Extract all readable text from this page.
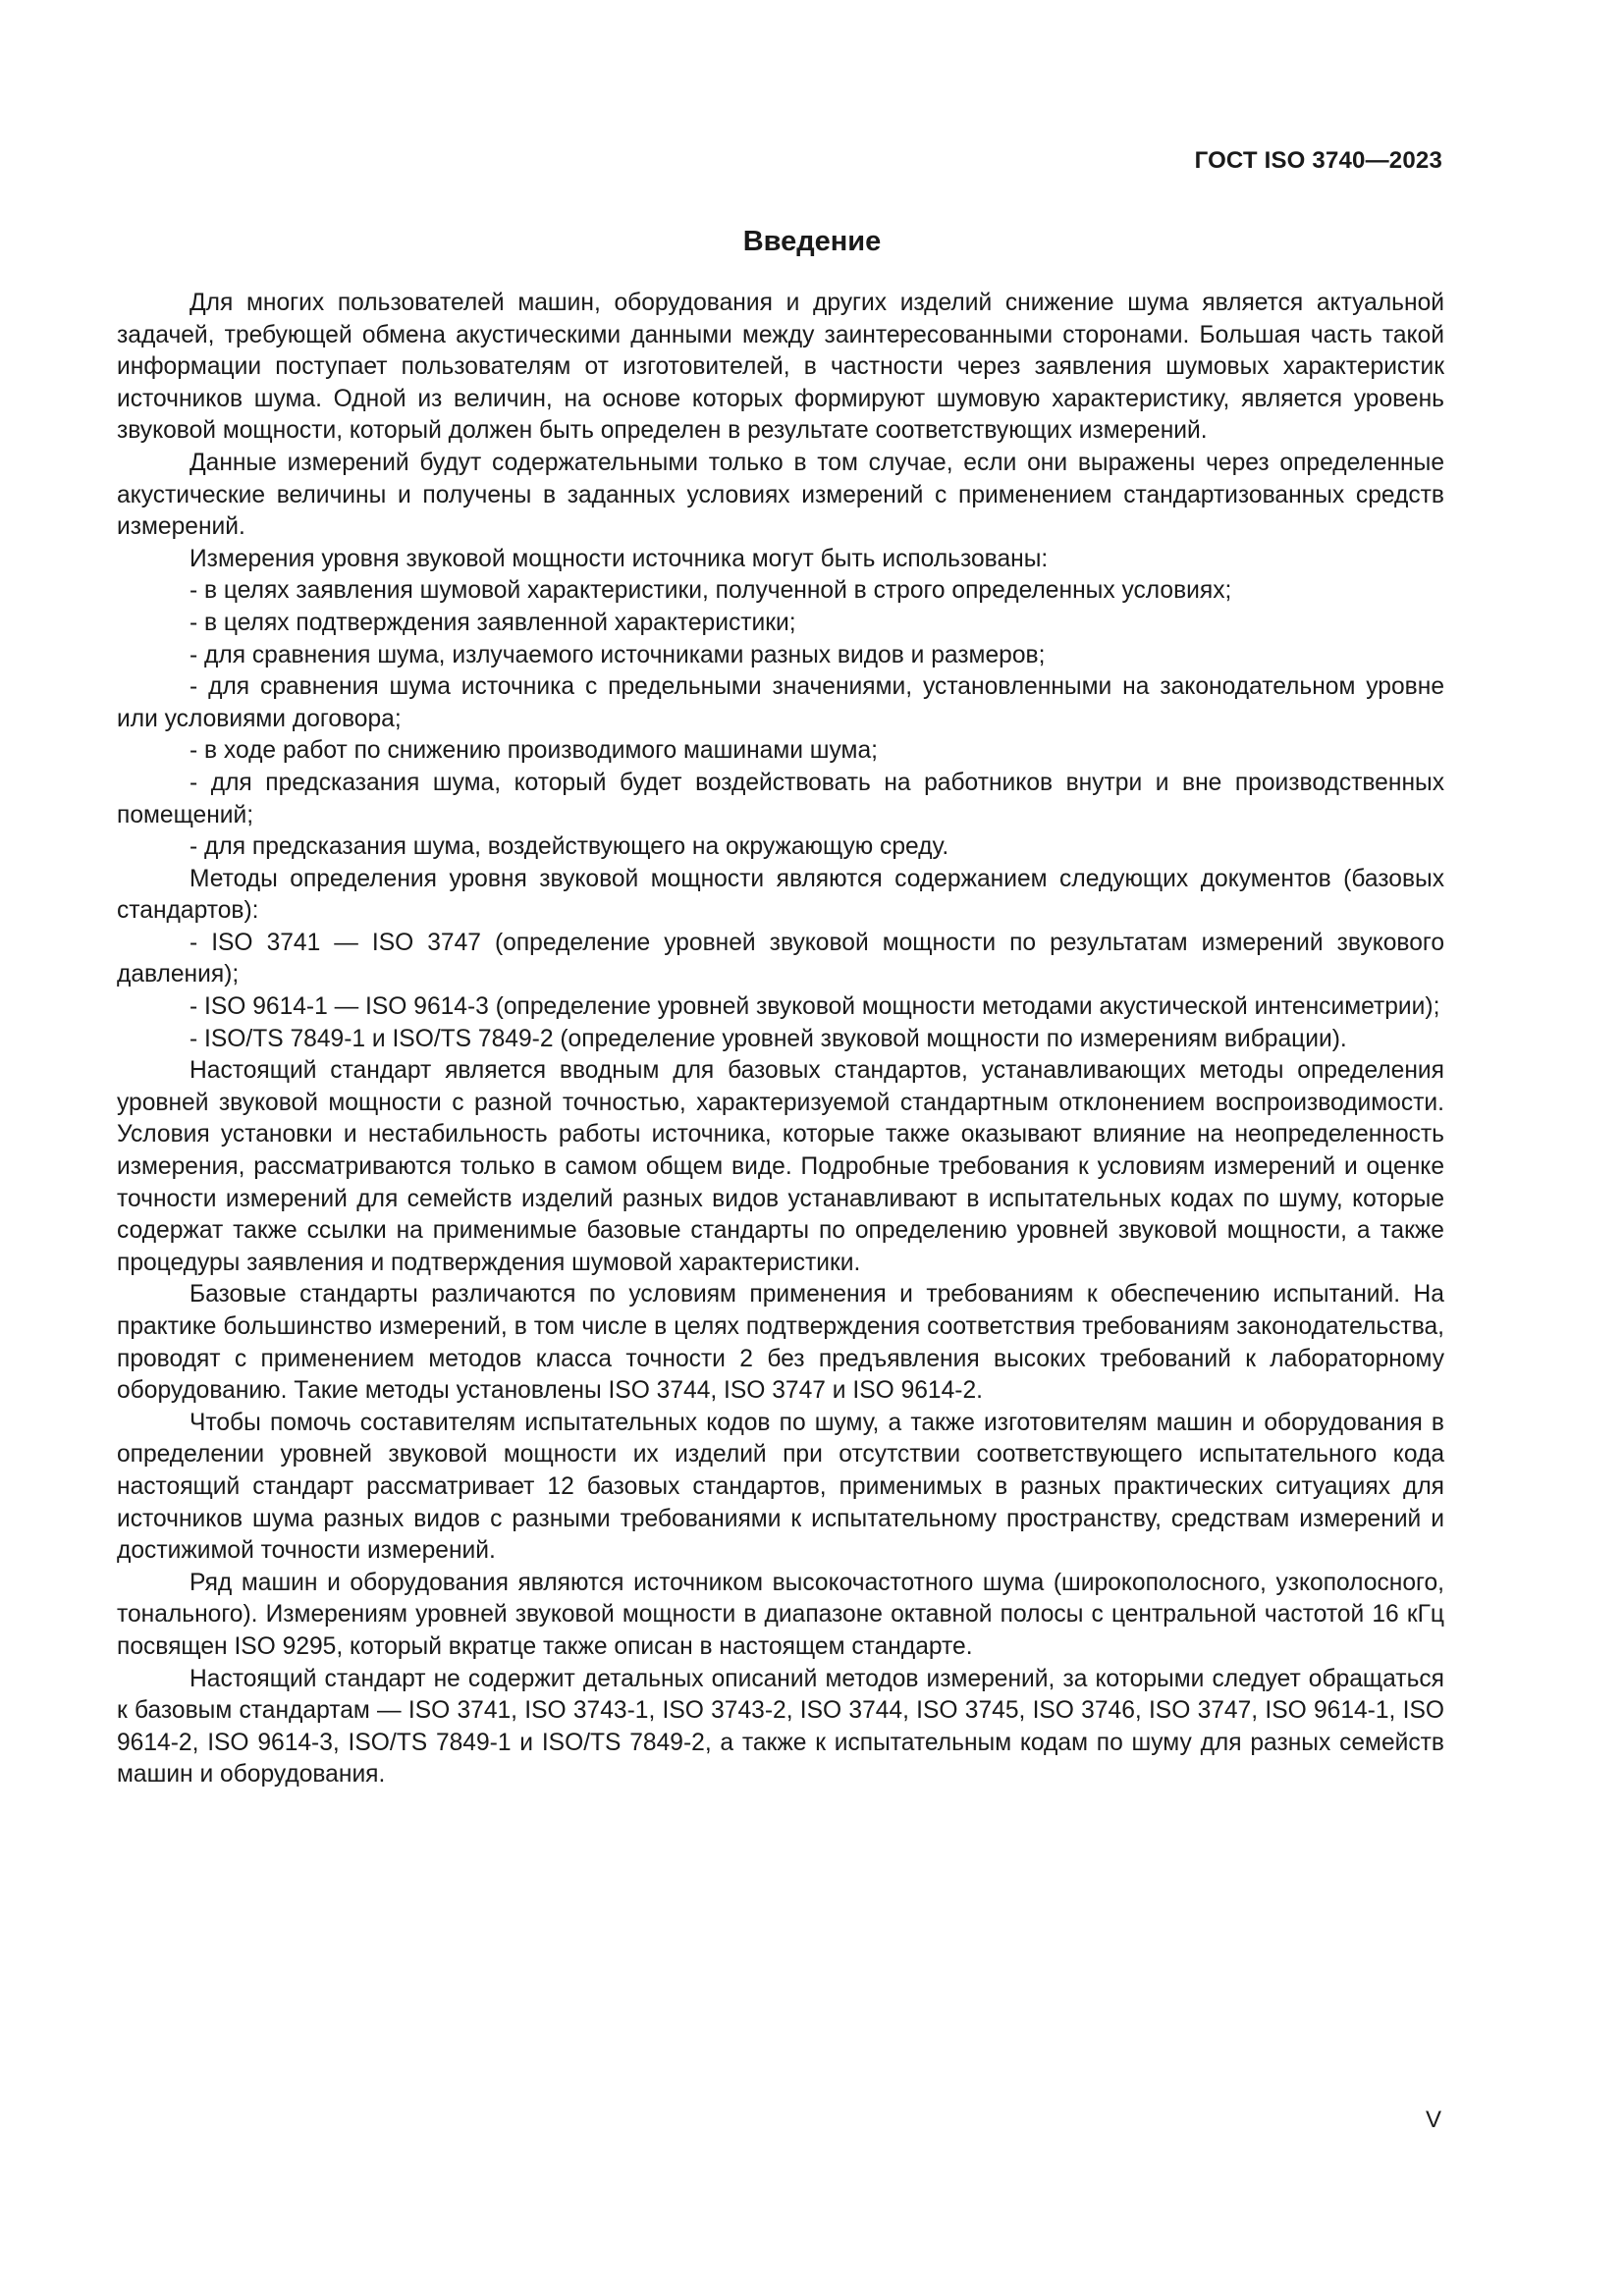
ГОСТ ISO 3740—2023
Введение

Для многих пользователей машин, оборудования и других изделий снижение шума является актуальной задачей, требующей обмена акустическими данными между заинтересованными сторонами. Большая часть такой информации поступает пользователям от изготовителей, в частности через заявления шумовых характеристик источников шума. Одной из величин, на основе которых формируют шумовую характеристику, является уровень звуковой мощности, который должен быть определен в результате соответствующих измерений.

Данные измерений будут содержательными только в том случае, если они выражены через определенные акустические величины и получены в заданных условиях измерений с применением стандартизованных средств измерений.

Измерения уровня звуковой мощности источника могут быть использованы:

- в целях заявления шумовой характеристики, полученной в строго определенных условиях;

- в целях подтверждения заявленной характеристики;

- для сравнения шума, излучаемого источниками разных видов и размеров;

- для сравнения шума источника с предельными значениями, установленными на законодательном уровне или условиями договора;

- в ходе работ по снижению производимого машинами шума;

- для предсказания шума, который будет воздействовать на работников внутри и вне производственных помещений;

- для предсказания шума, воздействующего на окружающую среду.

Методы определения уровня звуковой мощности являются содержанием следующих документов (базовых стандартов):

- ISO 3741 — ISO 3747 (определение уровней звуковой мощности по результатам измерений звукового давления);

- ISO 9614-1 — ISO 9614-3 (определение уровней звуковой мощности методами акустической интенсиметрии);

- ISO/TS 7849-1 и ISO/TS 7849-2 (определение уровней звуковой мощности по измерениям вибрации).

Настоящий стандарт является вводным для базовых стандартов, устанавливающих методы определения уровней звуковой мощности с разной точностью, характеризуемой стандартным отклонением воспроизводимости. Условия установки и нестабильность работы источника, которые также оказывают влияние на неопределенность измерения, рассматриваются только в самом общем виде. Подробные требования к условиям измерений и оценке точности измерений для семейств изделий разных видов устанавливают в испытательных кодах по шуму, которые содержат также ссылки на применимые базовые стандарты по определению уровней звуковой мощности, а также процедуры заявления и подтверждения шумовой характеристики.

Базовые стандарты различаются по условиям применения и требованиям к обеспечению испытаний. На практике большинство измерений, в том числе в целях подтверждения соответствия требованиям законодательства, проводят с применением методов класса точности 2 без предъявления высоких требований к лабораторному оборудованию. Такие методы установлены ISO 3744, ISO 3747 и ISO 9614-2.

Чтобы помочь составителям испытательных кодов по шуму, а также изготовителям машин и оборудования в определении уровней звуковой мощности их изделий при отсутствии соответствующего испытательного кода настоящий стандарт рассматривает 12 базовых стандартов, применимых в разных практических ситуациях для источников шума разных видов с разными требованиями к испытательному пространству, средствам измерений и достижимой точности измерений.

Ряд машин и оборудования являются источником высокочастотного шума (широкополосного, узкополосного, тонального). Измерениям уровней звуковой мощности в диапазоне октавной полосы с центральной частотой 16 кГц посвящен ISO 9295, который вкратце также описан в настоящем стандарте.

Настоящий стандарт не содержит детальных описаний методов измерений, за которыми следует обращаться к базовым стандартам — ISO 3741, ISO 3743-1, ISO 3743-2, ISO 3744, ISO 3745, ISO 3746, ISO 3747, ISO 9614-1, ISO 9614-2, ISO 9614-3, ISO/TS 7849-1 и ISO/TS 7849-2, а также к испытательным кодам по шуму для разных семейств машин и оборудования.

V
